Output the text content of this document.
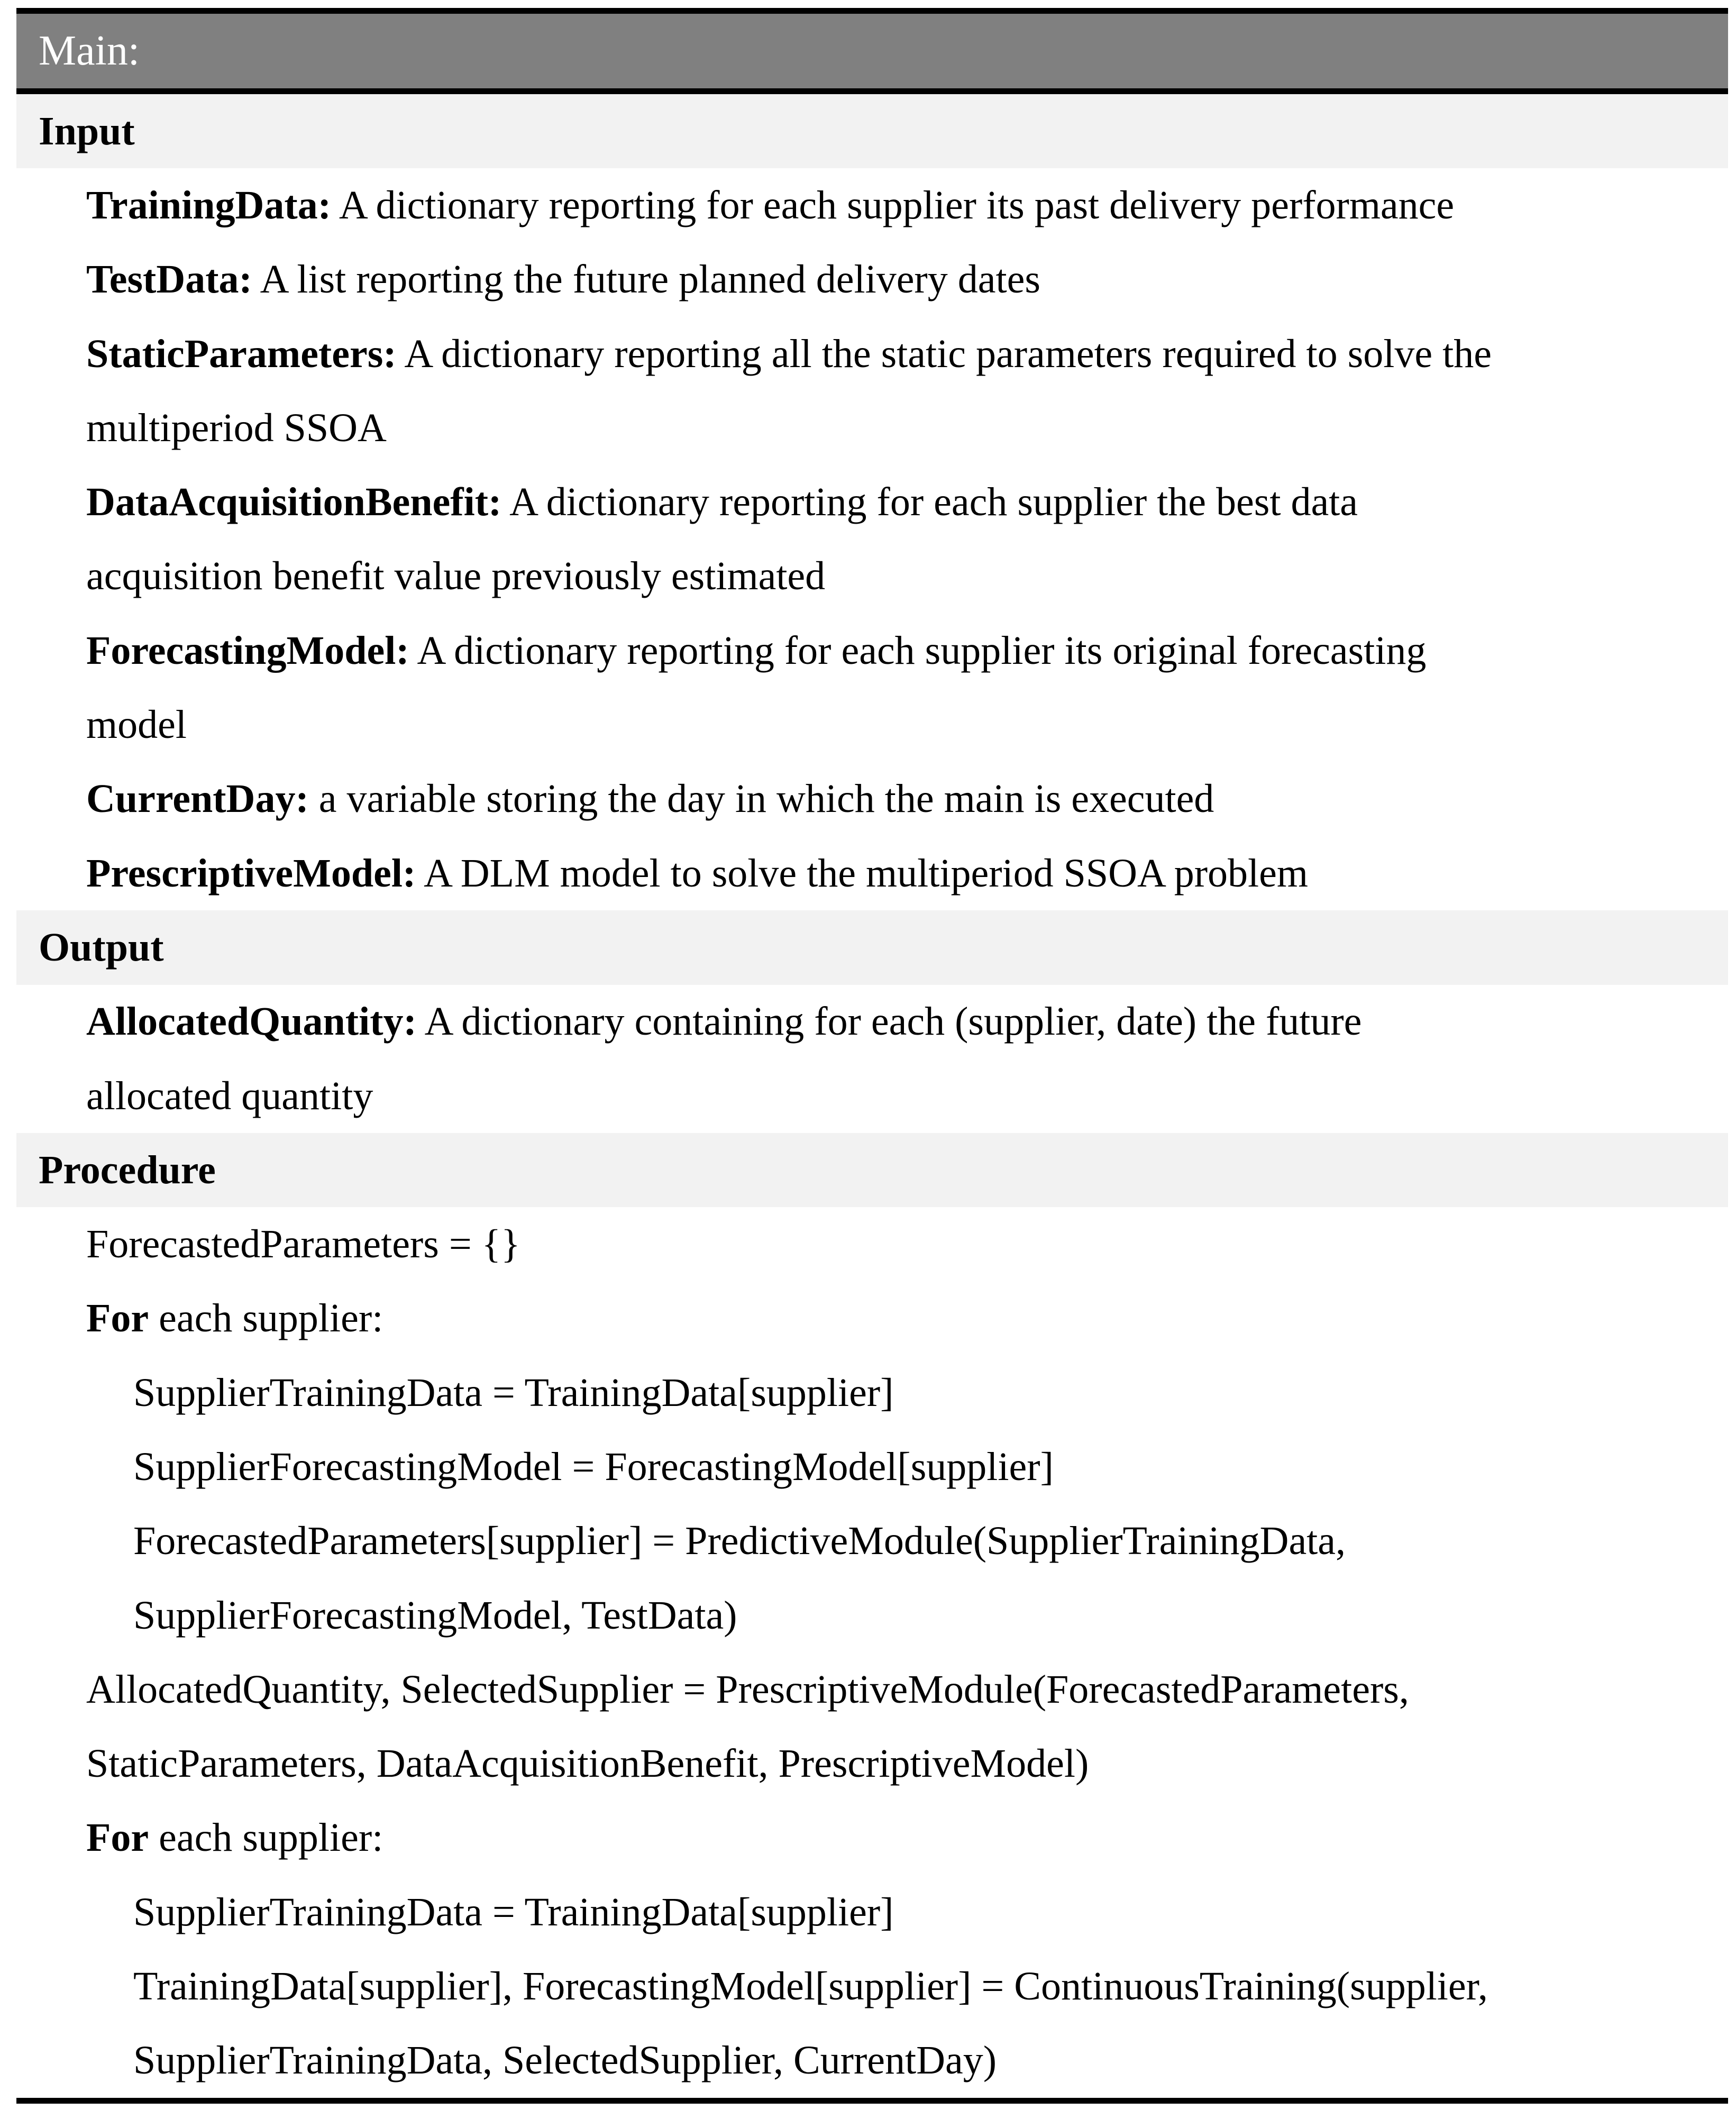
Main:
Input
TrainingData: A dictionary reporting for each supplier its past delivery performance
TestData: A list reporting the future planned delivery dates
StaticParameters: A dictionary reporting all the static parameters required to solve the
multiperiod SSOA
DataAcquisitionBenefit: A dictionary reporting for each supplier the best data
acquisition benefit value previously estimated
ForecastingModel: A dictionary reporting for each supplier its original forecasting
model
CurrentDay: a variable storing the day in which the main is executed
PrescriptiveModel: A DLM model to solve the multiperiod SSOA problem
Output
AllocatedQuantity: A dictionary containing for each (supplier, date) the future
allocated quantity
Procedure
ForecastedParameters = {}
For each supplier:
SupplierTrainingData = TrainingData[supplier]
SupplierForecastingModel = ForecastingModel[supplier]
ForecastedParameters[supplier] = PredictiveModule(SupplierTrainingData,
SupplierForecastingModel, TestData)
AllocatedQuantity, SelectedSupplier = PrescriptiveModule(ForecastedParameters,
StaticParameters, DataAcquisitionBenefit, PrescriptiveModel)
For each supplier:
SupplierTrainingData = TrainingData[supplier]
TrainingData[supplier], ForecastingModel[supplier] = ContinuousTraining(supplier,
SupplierTrainingData, SelectedSupplier, CurrentDay)
